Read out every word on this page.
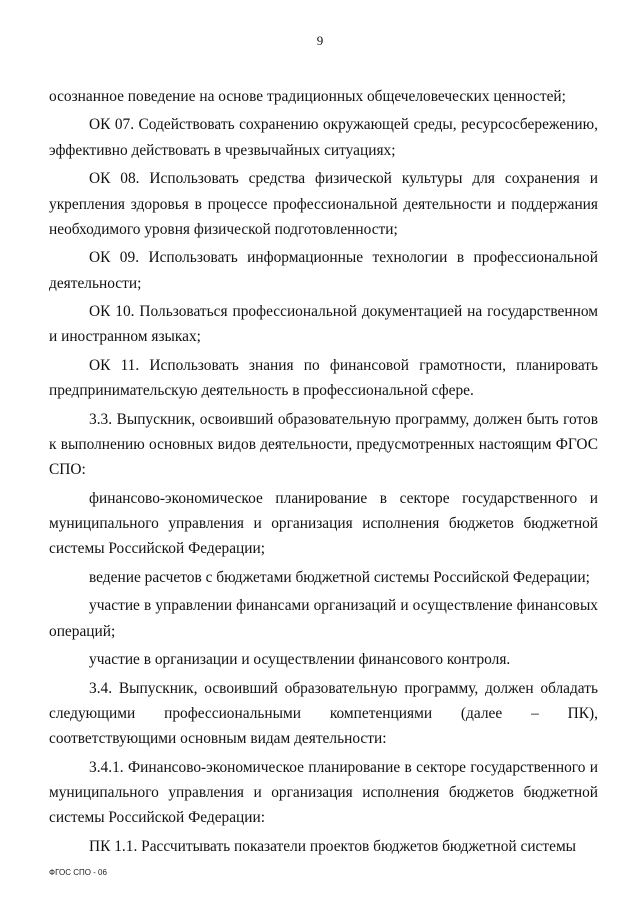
9

осознанное поведение на основе традиционных общечеловеческих ценностей;

ОК 07. Содействовать сохранению окружающей среды, ресурсосбережению, эффективно действовать в чрезвычайных ситуациях;

ОК 08. Использовать средства физической культуры для сохранения и укрепления здоровья в процессе профессиональной деятельности и поддержания необходимого уровня физической подготовленности;

ОК 09. Использовать информационные технологии в профессиональной деятельности;

ОК 10. Пользоваться профессиональной документацией на государственном и иностранном языках;

ОК 11. Использовать знания по финансовой грамотности, планировать предпринимательскую деятельность в профессиональной сфере.

3.3. Выпускник, освоивший образовательную программу, должен быть готов к выполнению основных видов деятельности, предусмотренных настоящим ФГОС СПО:

финансово-экономическое планирование в секторе государственного и муниципального управления и организация исполнения бюджетов бюджетной системы Российской Федерации;

ведение расчетов с бюджетами бюджетной системы Российской Федерации;

участие в управлении финансами организаций и осуществление финансовых операций;

участие в организации и осуществлении финансового контроля.

3.4. Выпускник, освоивший образовательную программу, должен обладать следующими профессиональными компетенциями (далее – ПК), соответствующими основным видам деятельности:

3.4.1. Финансово-экономическое планирование в секторе государственного и муниципального управления и организация исполнения бюджетов бюджетной системы Российской Федерации:

ПК 1.1. Рассчитывать показатели проектов бюджетов бюджетной системы

ФГОС СПО - 06
